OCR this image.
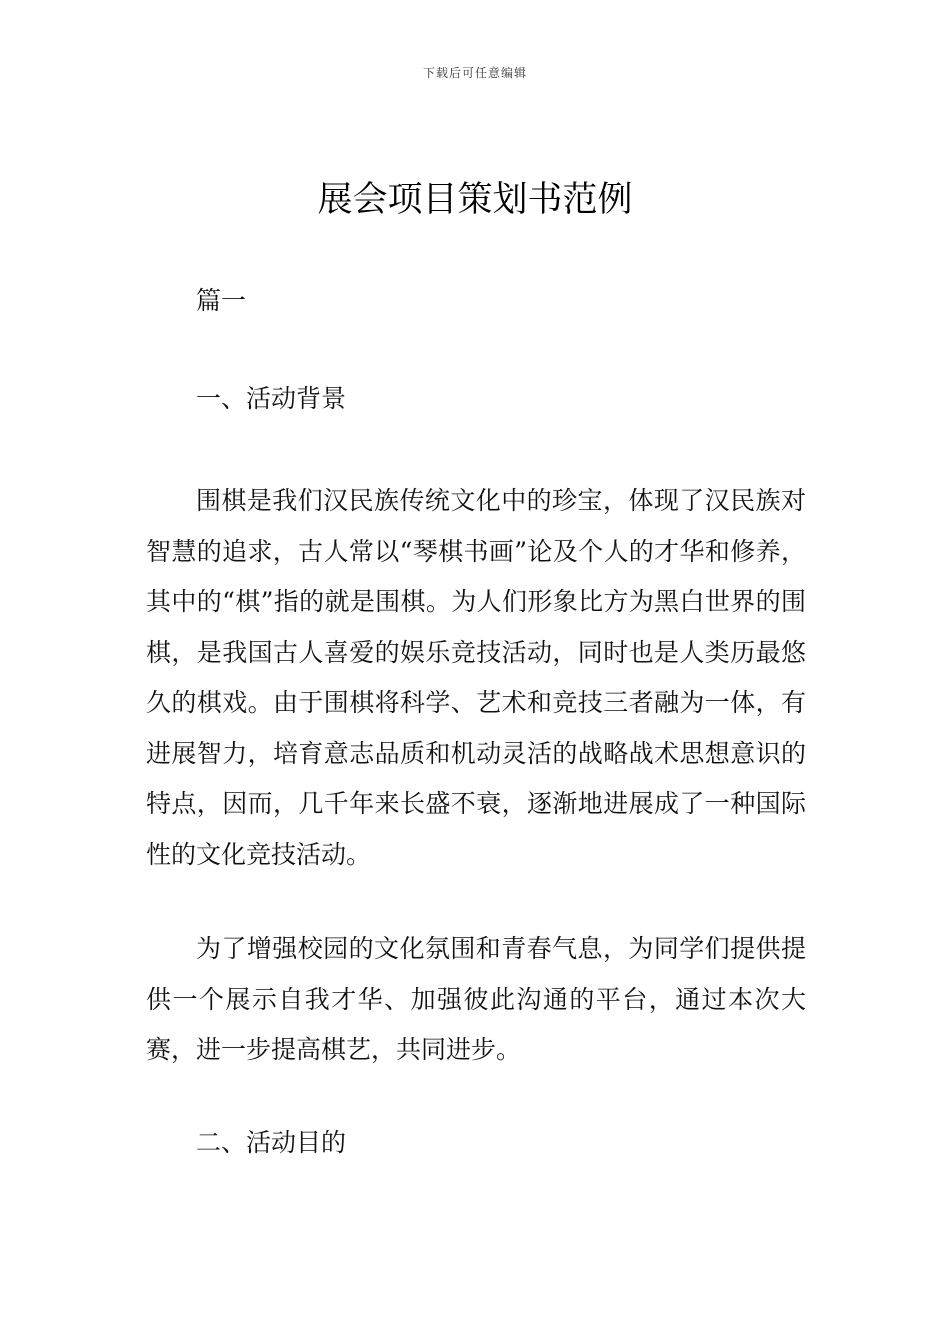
下载后可任意编辑
展会项目策划书范例
篇一
一、活动背景

围棋是我们汉民族传统文化中的珍宝，体现了汉民族对智慧的追求，古人常以“琴棋书画”论及个人的才华和修养，其中的“棋”指的就是围棋。为人们形象比方为黑白世界的围棋，是我国古人喜爱的娱乐竞技活动，同时也是人类历最悠久的棋戏。由于围棋将科学、艺术和竞技三者融为一体，有进展智力，培育意志品质和机动灵活的战略战术思想意识的特点，因而，几千年来长盛不衰，逐渐地进展成了一种国际性的文化竞技活动。

为了增强校园的文化氛围和青春气息，为同学们提供提供一个展示自我才华、加强彼此沟通的平台，通过本次大赛，进一步提高棋艺，共同进步。

二、活动目的
